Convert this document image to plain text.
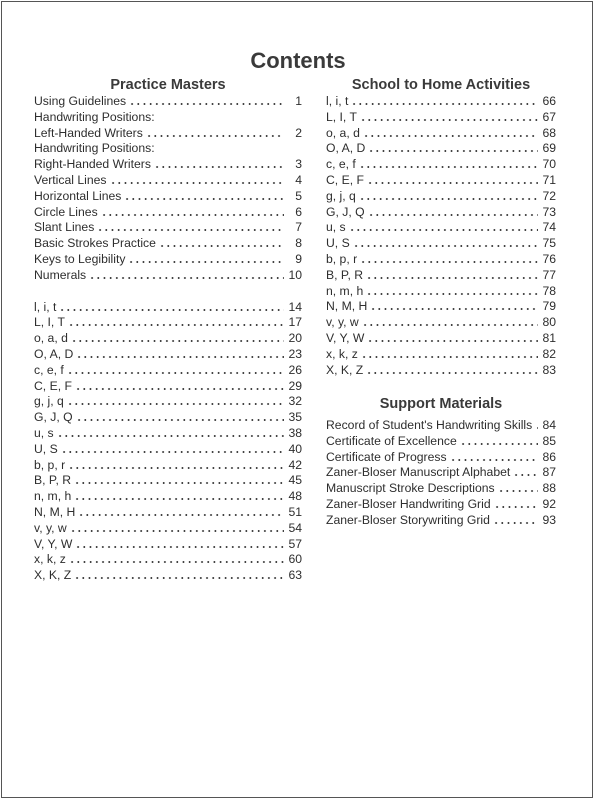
Contents
Practice Masters
Using Guidelines	1
Handwriting Positions:
Left-Handed Writers	2
Handwriting Positions:
Right-Handed Writers	3
Vertical Lines	4
Horizontal Lines	5
Circle Lines	6
Slant Lines	7
Basic Strokes Practice	8
Keys to Legibility	9
Numerals	10
l, i, t	14
L, I, T	17
o, a, d	20
O, A, D	23
c, e, f	26
C, E, F	29
g, j, q	32
G, J, Q	35
u, s	38
U, S	40
b, p, r	42
B, P, R	45
n, m, h	48
N, M, H	51
v, y, w	54
V, Y, W	57
x, k, z	60
X, K, Z	63
School to Home Activities
l, i, t	66
L, I, T	67
o, a, d	68
O, A, D	69
c, e, f	70
C, E, F	71
g, j, q	72
G, J, Q	73
u, s	74
U, S	75
b, p, r	76
B, P, R	77
n, m, h	78
N, M, H	79
v, y, w	80
V, Y, W	81
x, k, z	82
X, K, Z	83
Support Materials
Record of Student's Handwriting Skills 84
Certificate of Excellence	85
Certificate of Progress	86
Zaner-Bloser Manuscript Alphabet	87
Manuscript Stroke Descriptions	88
Zaner-Bloser Handwriting Grid	92
Zaner-Bloser Storywriting Grid	93
